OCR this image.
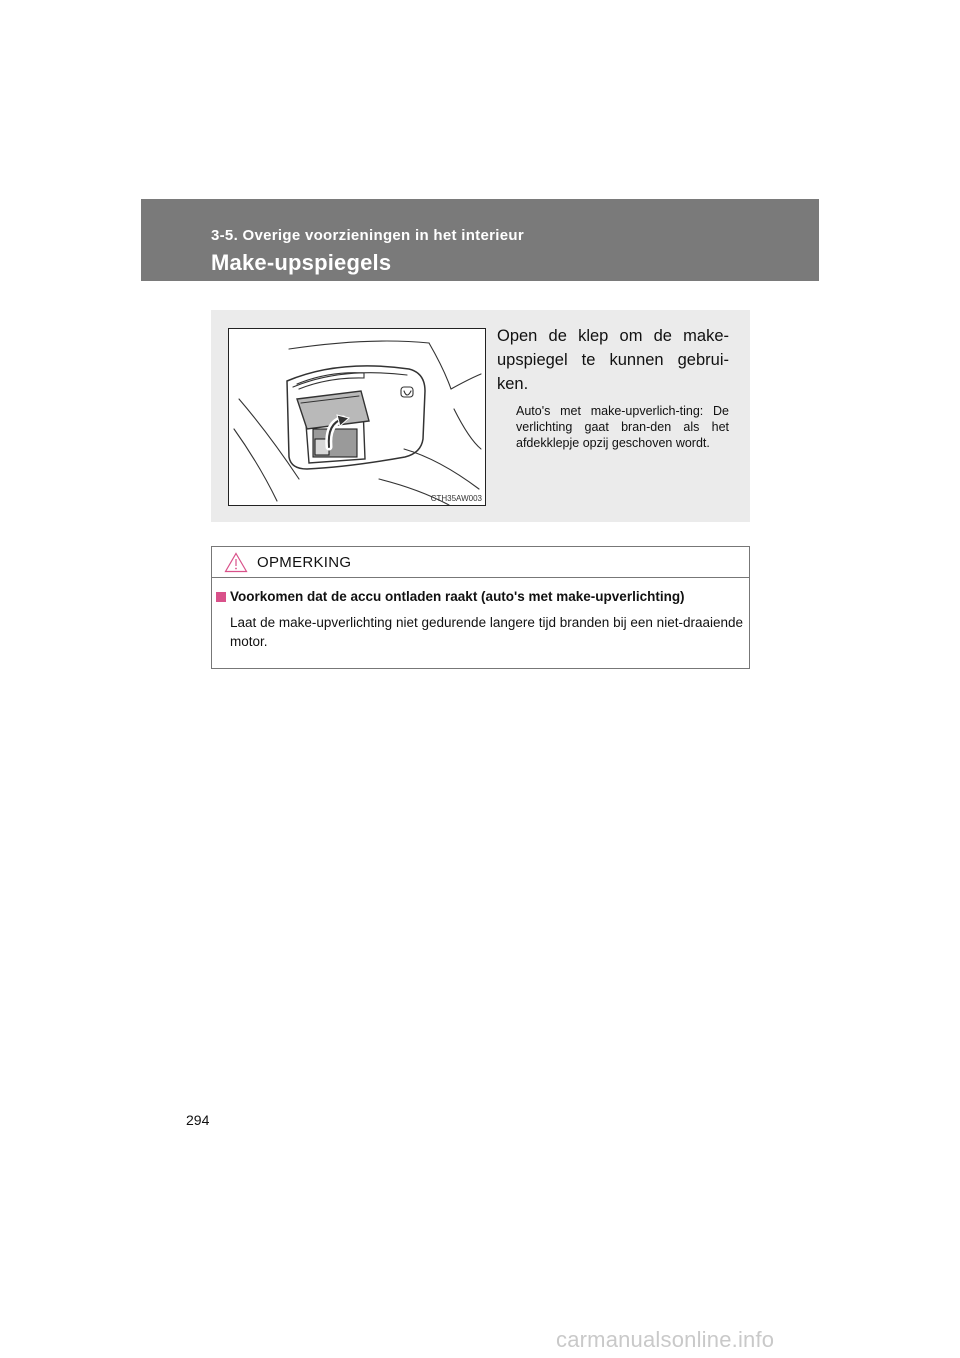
3-5. Overige voorzieningen in het interieur
Make-upspiegels
CTH35AW003
Open de klep om de make-upspiegel te kunnen gebrui-ken.
Auto's met make-upverlich-ting: De verlichting gaat bran-den als het afdekklepje opzij geschoven wordt.
OPMERKING
Voorkomen dat de accu ontladen raakt (auto's met make-upverlichting)
Laat de make-upverlichting niet gedurende langere tijd branden bij een niet-draaiende motor.
294
carmanualsonline.info
